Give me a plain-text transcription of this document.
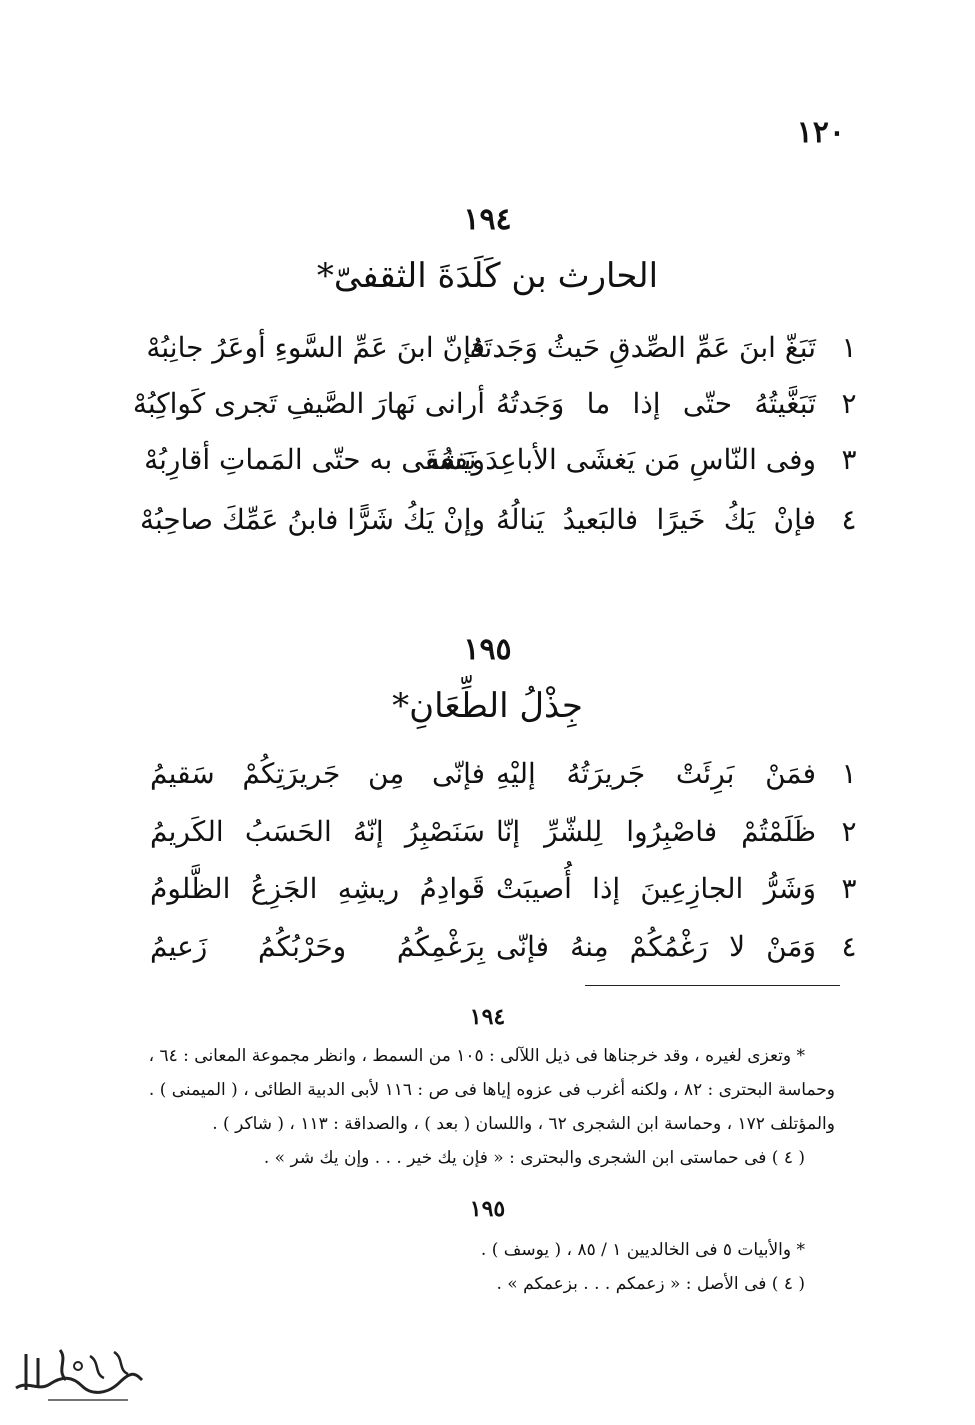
١٢٠
١٩٤
الحارث بن كَلَدَةَ الثقفىّ*
١
تَبَغّ ابنَ عَمِّ الصِّدقِ حَيثُ وَجَدتَهُ
فإنّ ابنَ عَمِّ السَّوءِ أوعَرُ جانِبُهْ
٢
تَبَغَّيتُهُ حتّى إذا ما وَجَدتُهُ
أرانى نَهارَ الصَّيفِ تَجرى كَواكِبُهْ
٣
وفى النّاسِ مَن يَغشَى الأباعِدَ نَفعُه
ويَشقَى به حتّى المَماتِ أقارِبُهْ
٤
فإنْ يَكُ خَيرًا فالبَعيدُ يَنالُهُ
وإنْ يَكُ شَرًّا فابنُ عَمِّكَ صاحِبُهْ
١٩٥
جِذْلُ الطِّعَانِ*
١
فمَنْ بَرِئَتْ جَريرَتُهُ إليْهِ
فإنّى مِن جَريرَتِكُمْ سَقيمُ
٢
ظَلَمْتُمْ فاصْبِرُوا لِلشّرِّ إنّا
سَنَصْبِرُ إنّهُ الحَسَبُ الكَريمُ
٣
وَشَرُّ الجازِعِينَ إذا أُصيبَتْ
قَوادِمُ ريشِهِ الجَزِعُ الظَّلومُ
٤
وَمَنْ لا رَغْمُكُمْ مِنهُ فإنّى
بِرَغْمِكُمُ وحَرْبُكُمُ زَعيمُ
١٩٤
* وتعزى لغيره ، وقد خرجناها فى ذيل اللآلى : ١٠٥ من السمط ، وانظر مجموعة المعانى : ٦٤ ،
وحماسة البحترى : ٨٢ ، ولكنه أغرب فى عزوه إياها فى ص : ١١٦ لأبى الدبية الطائى ، ( الميمنى ) .
والمؤتلف ١٧٢ ، وحماسة ابن الشجرى ٦٢ ، واللسان ( بعد ) ، والصداقة : ١١٣ ، ( شاكر ) .
( ٤ ) فى حماستى ابن الشجرى والبحترى : « فإن يك خير . . . وإن يك شر » .
١٩٥
* والأبيات ٥ فى الخالديين ١ / ٨٥ ، ( يوسف ) .
( ٤ ) فى الأصل : « زعمكم . . . بزعمكم » .
